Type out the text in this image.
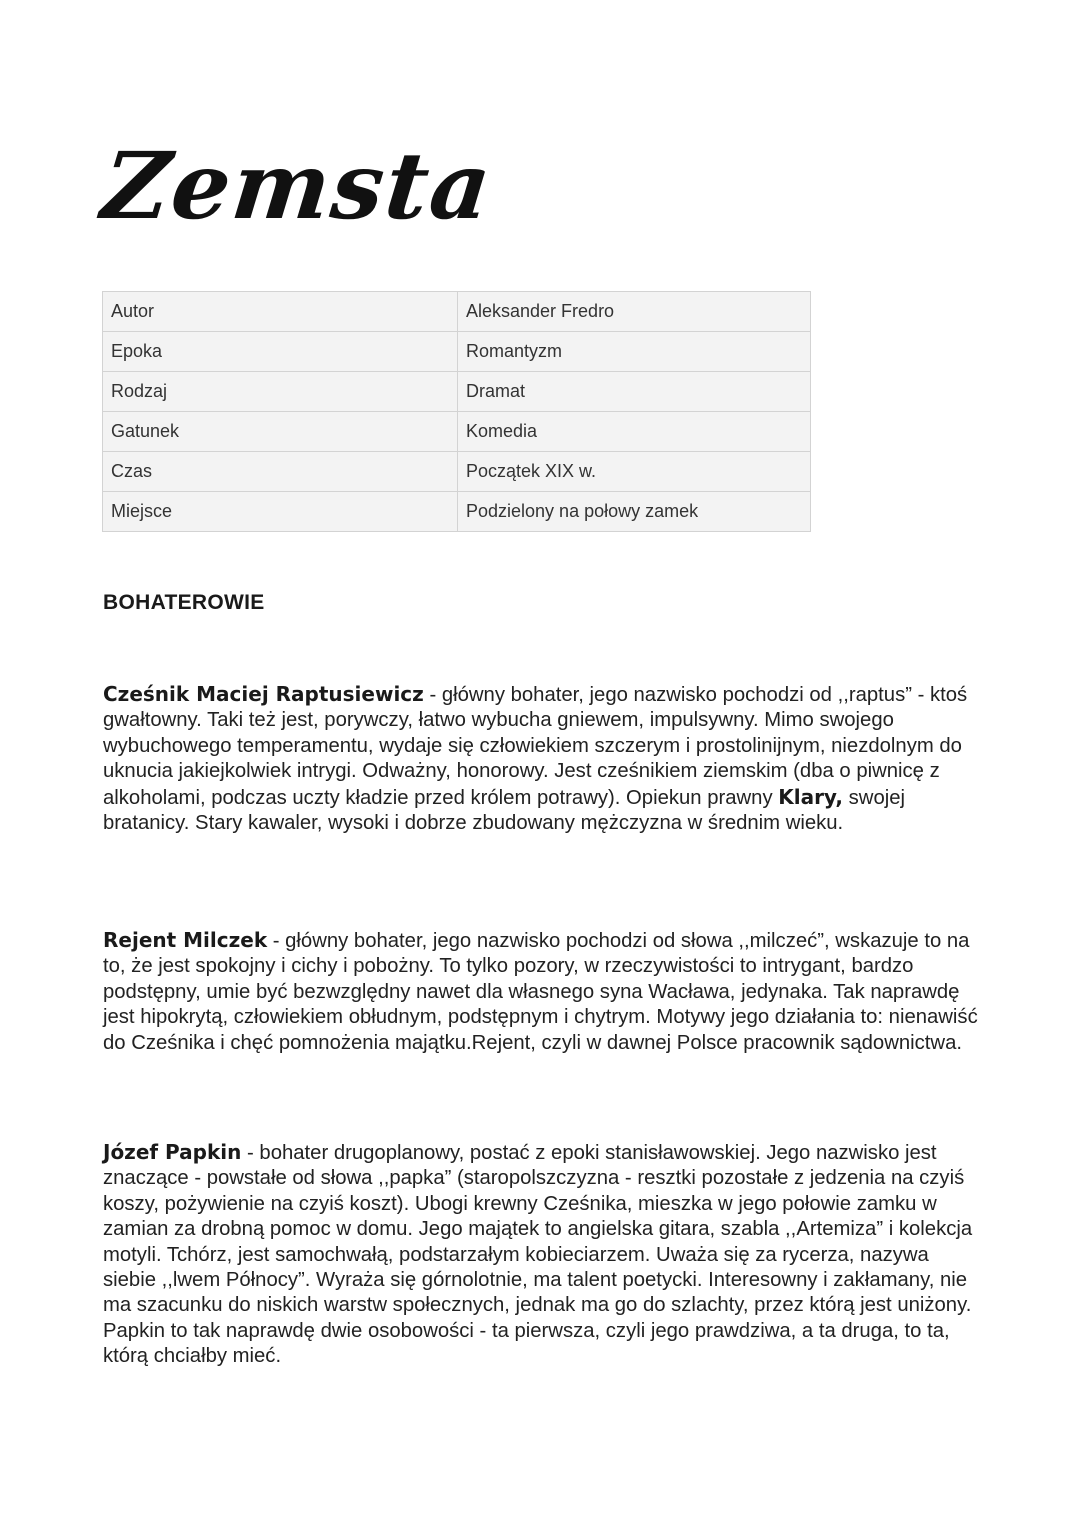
Zemsta
Autor	Aleksander Fredro
Epoka	Romantyzm
Rodzaj	Dramat
Gatunek	Komedia
Czas	Początek XIX w.
Miejsce	Podzielony na połowy zamek
BOHATEROWIE

Cześnik Maciej Raptusiewicz - główny bohater, jego nazwisko pochodzi od ,,raptus” - ktoś gwałtowny. Taki też jest, porywczy, łatwo wybucha gniewem, impulsywny. Mimo swojego wybuchowego temperamentu, wydaje się człowiekiem szczerym i prostolinijnym, niezdolnym do uknucia jakiejkolwiek intrygi. Odważny, honorowy. Jest cześnikiem ziemskim (dba o piwnicę z alkoholami, podczas uczty kładzie przed królem potrawy). Opiekun prawny Klary, swojej bratanicy. Stary kawaler, wysoki i dobrze zbudowany mężczyzna w średnim wieku.

Rejent Milczek - główny bohater, jego nazwisko pochodzi od słowa ,,milczeć”, wskazuje to na to, że jest spokojny i cichy i pobożny. To tylko pozory, w rzeczywistości to intrygant, bardzo podstępny, umie być bezwzględny nawet dla własnego syna Wacława, jedynaka. Tak naprawdę jest hipokrytą, człowiekiem obłudnym, podstępnym i chytrym. Motywy jego działania to: nienawiść do Cześnika i chęć pomnożenia majątku.Rejent, czyli w dawnej Polsce pracownik sądownictwa.

Józef Papkin - bohater drugoplanowy, postać z epoki stanisławowskiej. Jego nazwisko jest znaczące - powstałe od słowa ,,papka” (staropolszczyzna - resztki pozostałe z jedzenia na czyiś koszy, pożywienie na czyiś koszt). Ubogi krewny Cześnika, mieszka w jego połowie zamku w zamian za drobną pomoc w domu. Jego majątek to angielska gitara, szabla ,,Artemiza” i kolekcja motyli. Tchórz, jest samochwałą, podstarzałym kobieciarzem. Uważa się za rycerza, nazywa siebie ,,lwem Północy”. Wyraża się górnolotnie, ma talent poetycki. Interesowny i zakłamany, nie ma szacunku do niskich warstw społecznych, jednak ma go do szlachty, przez którą jest uniżony. Papkin to tak naprawdę dwie osobowości - ta pierwsza, czyli jego prawdziwa, a ta druga, to ta, którą chciałby mieć.
